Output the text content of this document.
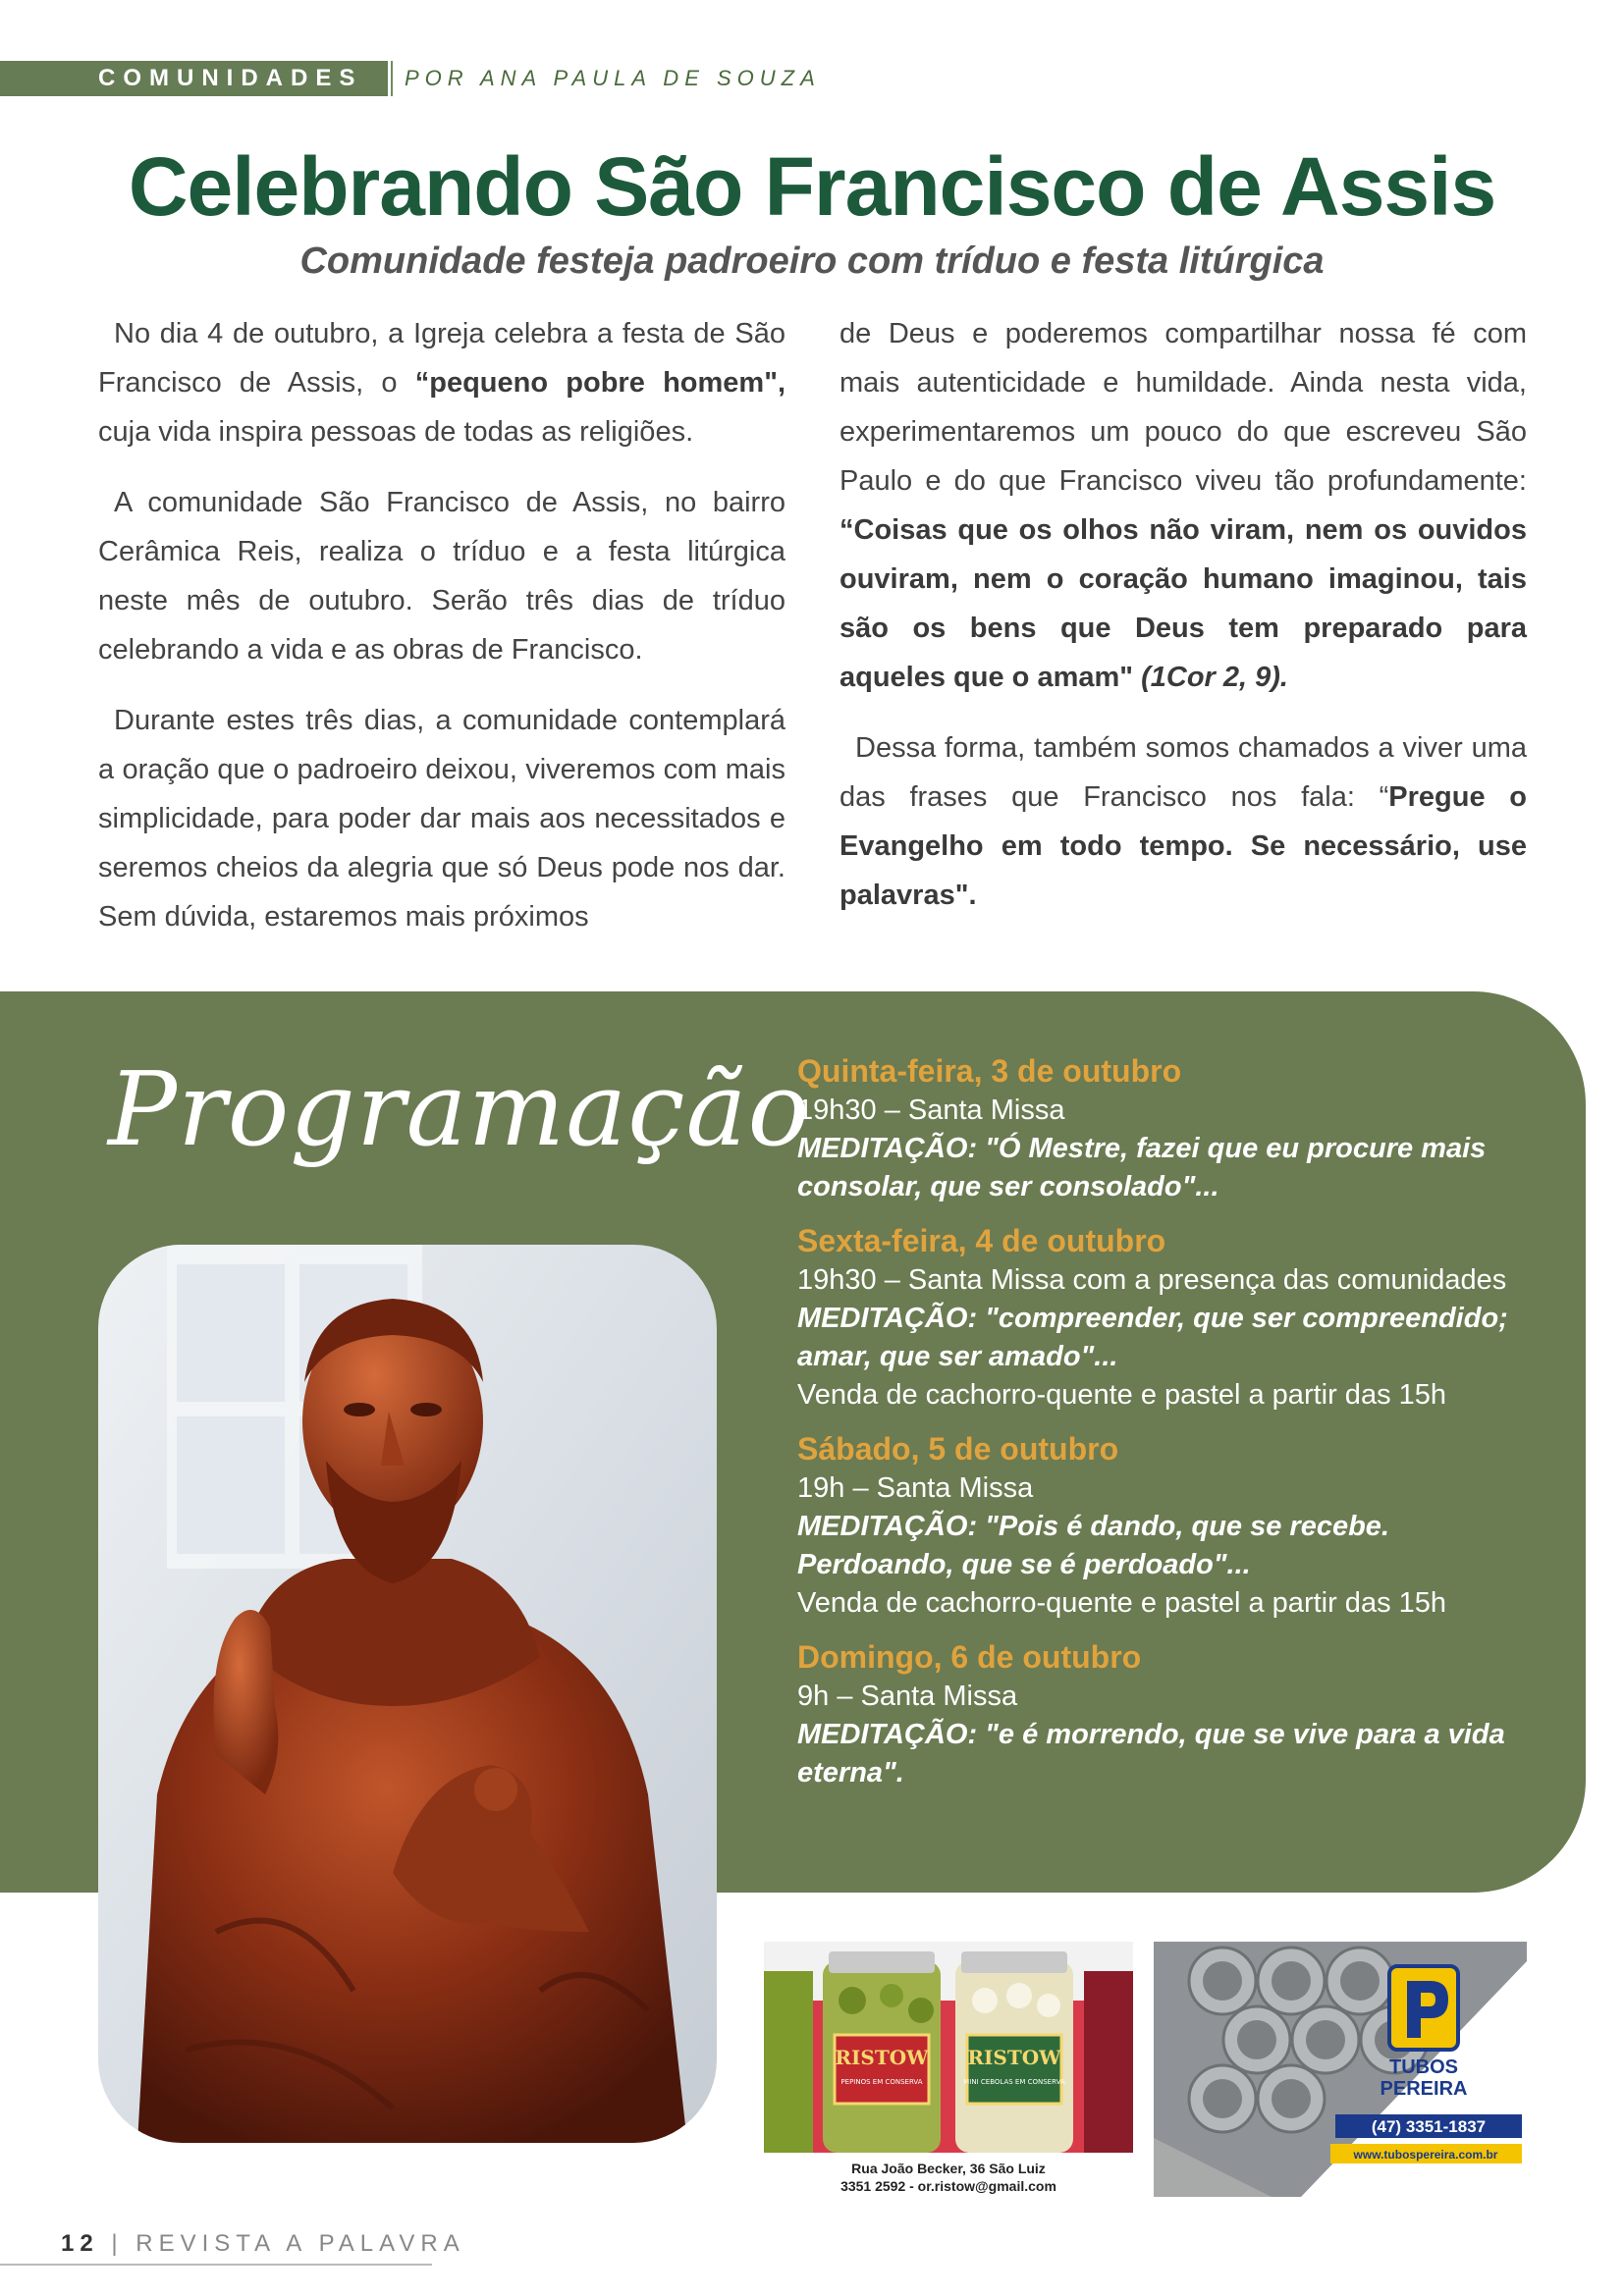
COMUNIDADES POR ANA PAULA DE SOUZA
Celebrando São Francisco de Assis
Comunidade festeja padroeiro com tríduo e festa litúrgica

No dia 4 de outubro, a Igreja celebra a festa de São Francisco de Assis, o “pequeno pobre homem", cuja vida inspira pessoas de todas as religiões.

A comunidade São Francisco de Assis, no bairro Cerâmica Reis, realiza o tríduo e a festa litúrgica neste mês de outubro. Serão três dias de tríduo celebrando a vida e as obras de Francisco.

Durante estes três dias, a comunidade contemplará a oração que o padroeiro deixou, viveremos com mais simplicidade, para poder dar mais aos necessitados e seremos cheios da alegria que só Deus pode nos dar. Sem dúvida, estaremos mais próximos

de Deus e poderemos compartilhar nossa fé com mais autenticidade e humildade. Ainda nesta vida, experimentaremos um pouco do que escreveu São Paulo e do que Francisco viveu tão profundamente: “Coisas que os olhos não viram, nem os ouvidos ouviram, nem o coração humano imaginou, tais são os bens que Deus tem preparado para aqueles que o amam" (1Cor 2, 9).

Dessa forma, também somos chamados a viver uma das frases que Francisco nos fala: “Pregue o Evangelho em todo tempo. Se necessário, use palavras".

Programação
Quinta-feira, 3 de outubro
19h30 – Santa Missa
MEDITAÇÃO: "Ó Mestre, fazei que eu procure mais consolar, que ser consolado"...
Sexta-feira, 4 de outubro
19h30 – Santa Missa com a presença das comunidades
MEDITAÇÃO: "compreender, que ser compreendido; amar, que ser amado"...
Venda de cachorro-quente e pastel a partir das 15h
Sábado, 5 de outubro
19h – Santa Missa
MEDITAÇÃO: "Pois é dando, que se recebe. Perdoando, que se é perdoado"...
Venda de cachorro-quente e pastel a partir das 15h
Domingo, 6 de outubro
9h – Santa Missa
MEDITAÇÃO: "e é morrendo, que se vive para a vida eterna".
RISTOW
PEPINOS EM CONSERVA
RISTOW
MINI CEBOLAS EM CONSERVA
Rua João Becker, 36 São Luiz
3351 2592 - or.ristow@gmail.com
TUBOS
PEREIRA
(47) 3351-1837
www.tubospereira.com.br
12 | REVISTA A PALAVRA
